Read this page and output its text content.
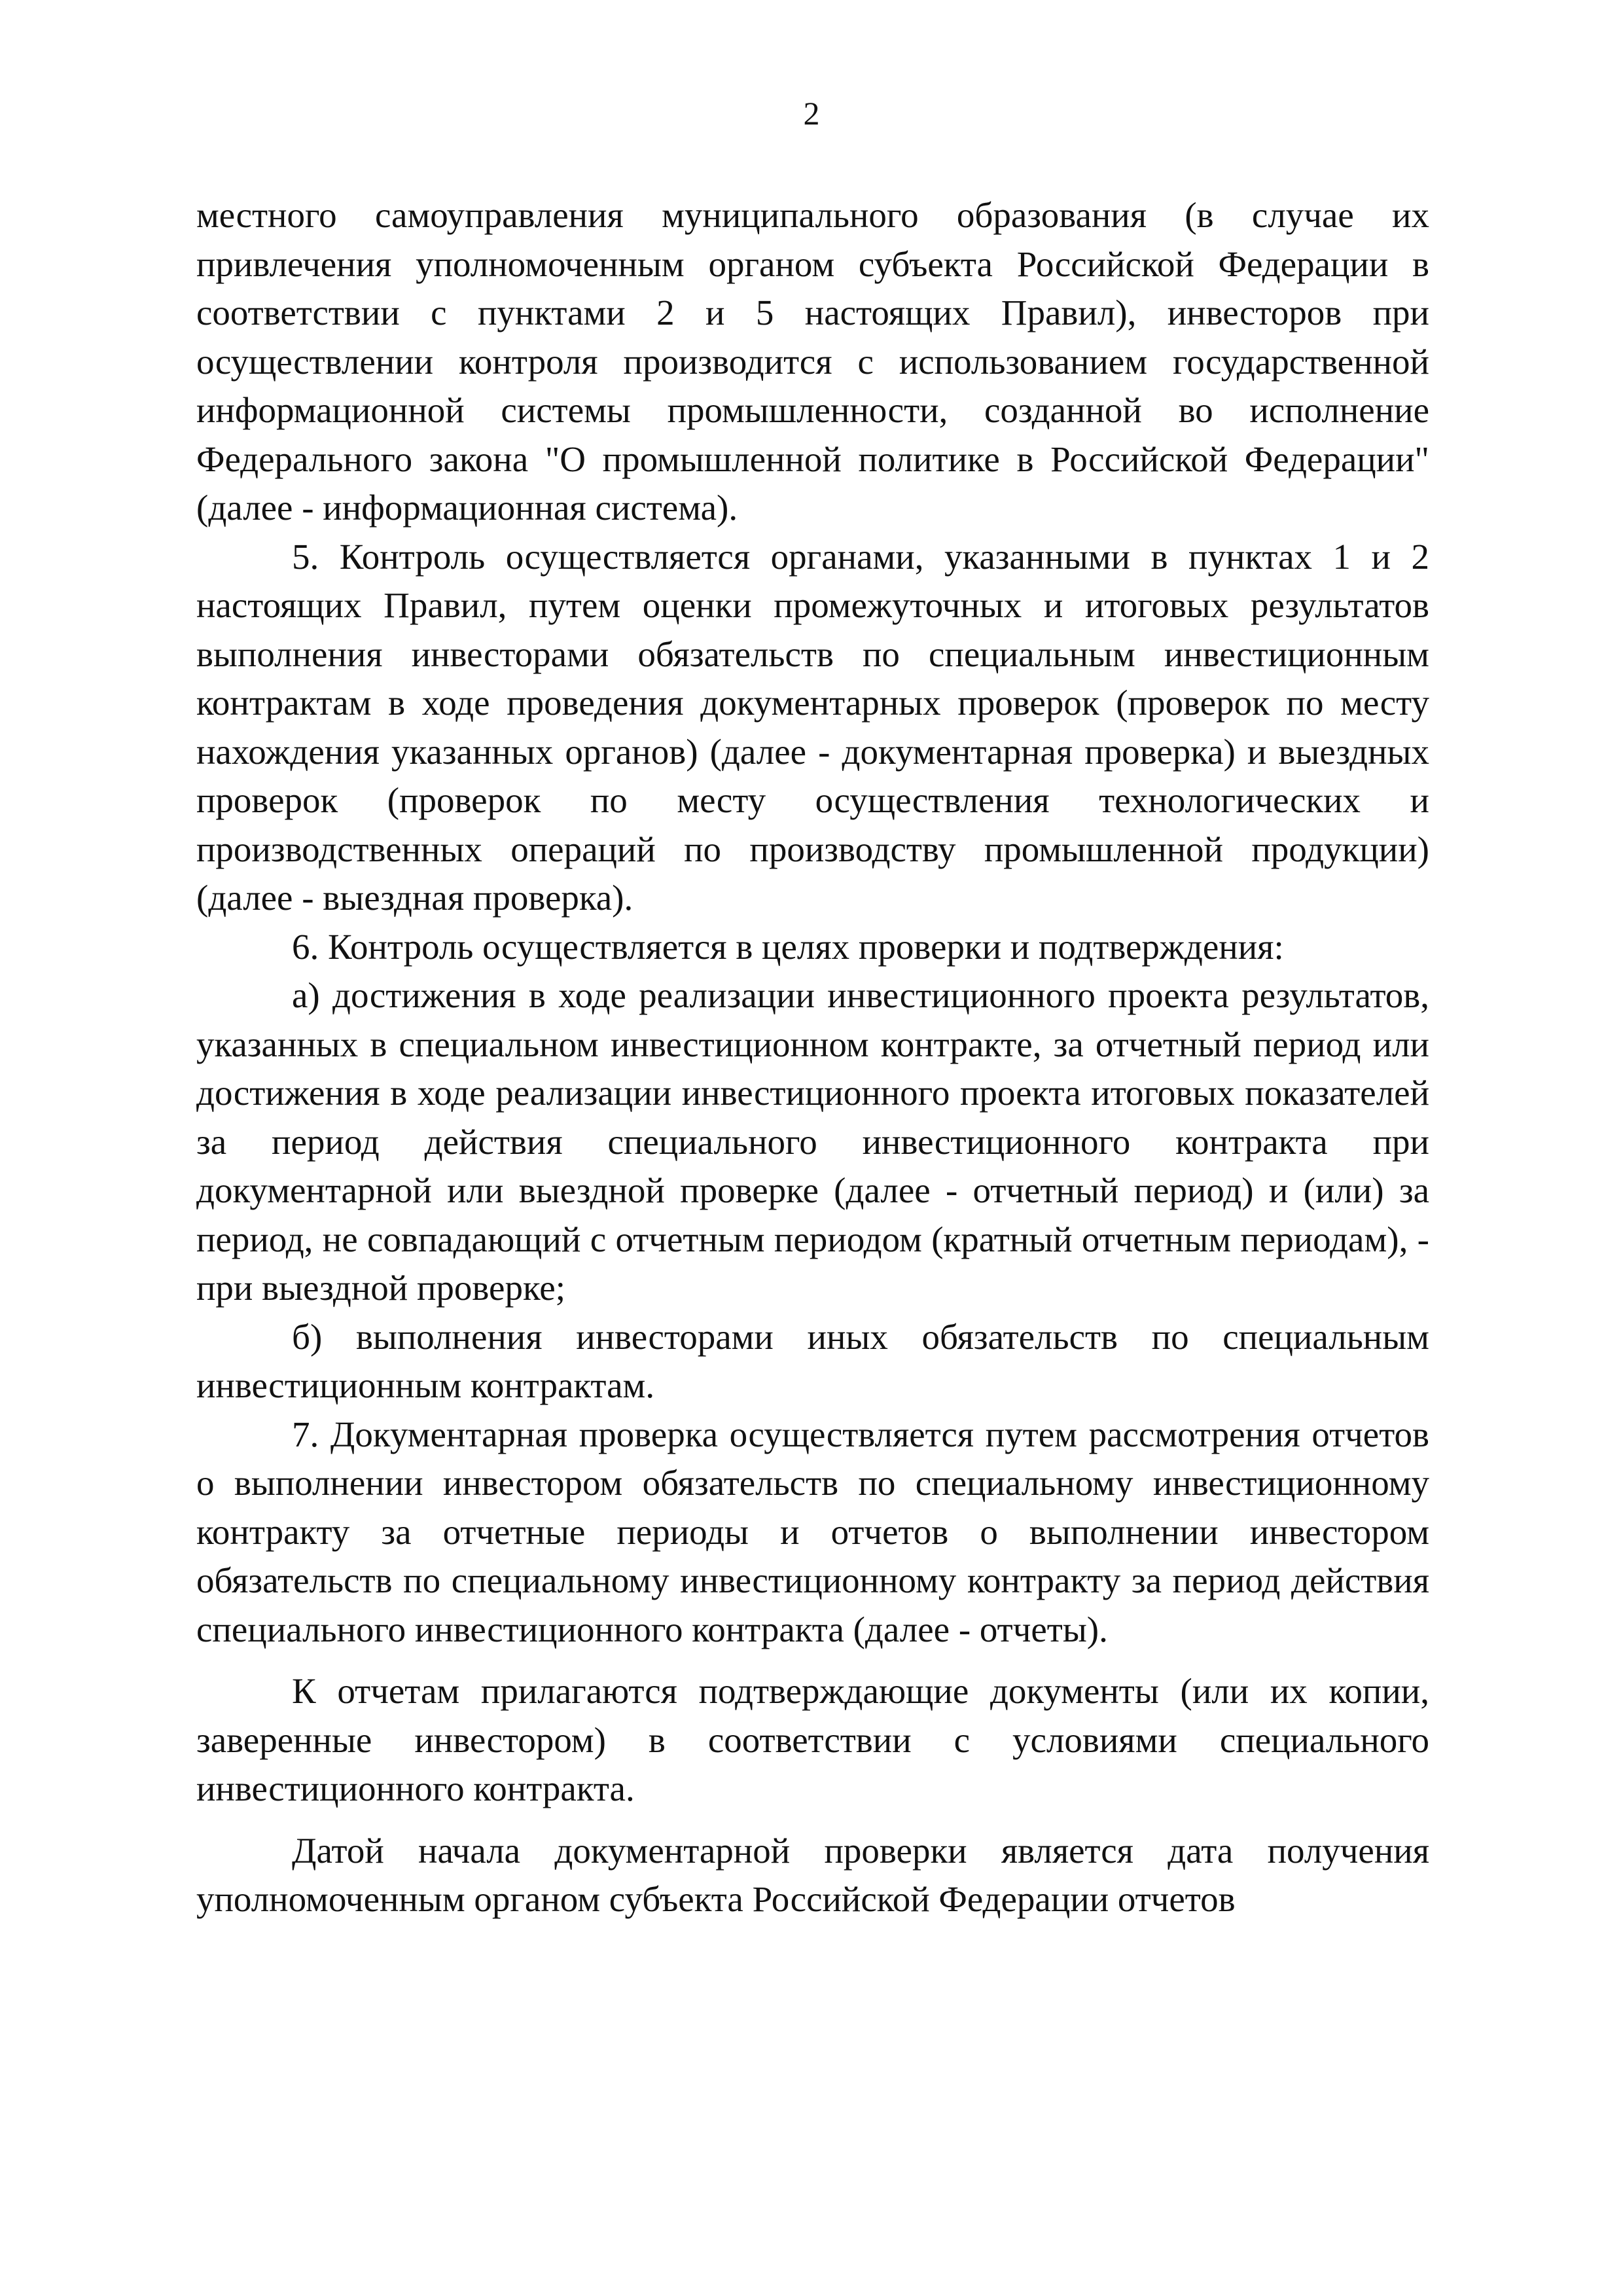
2

местного самоуправления муниципального образования (в случае их привлечения уполномоченным органом субъекта Российской Федерации в соответствии с пунктами 2 и 5 настоящих Правил), инвесторов при осуществлении контроля производится с использованием государственной информационной системы промышленности, созданной во исполнение Федерального закона "О промышленной политике в Российской Федерации" (далее - информационная система).

5. Контроль осуществляется органами, указанными в пунктах 1 и 2 настоящих Правил, путем оценки промежуточных и итоговых результатов выполнения инвесторами обязательств по специальным инвестиционным контрактам в ходе проведения документарных проверок (проверок по месту нахождения указанных органов) (далее - документарная проверка) и выездных проверок (проверок по месту осуществления технологических и производственных операций по производству промышленной продукции) (далее - выездная проверка).

6. Контроль осуществляется в целях проверки и подтверждения:

а) достижения в ходе реализации инвестиционного проекта результатов, указанных в специальном инвестиционном контракте, за отчетный период или достижения в ходе реализации инвестиционного проекта итоговых показателей за период действия специального инвестиционного контракта при документарной или выездной проверке (далее - отчетный период) и (или) за период, не совпадающий с отчетным периодом (кратный отчетным периодам), - при выездной проверке;

б) выполнения инвесторами иных обязательств по специальным инвестиционным контрактам.

7. Документарная проверка осуществляется путем рассмотрения отчетов о выполнении инвестором обязательств по специальному инвестиционному контракту за отчетные периоды и отчетов о выполнении инвестором обязательств по специальному инвестиционному контракту за период действия специального инвестиционного контракта (далее - отчеты).

К отчетам прилагаются подтверждающие документы (или их копии, заверенные инвестором) в соответствии с условиями специального инвестиционного контракта.

Датой начала документарной проверки является дата получения уполномоченным органом субъекта Российской Федерации отчетов
